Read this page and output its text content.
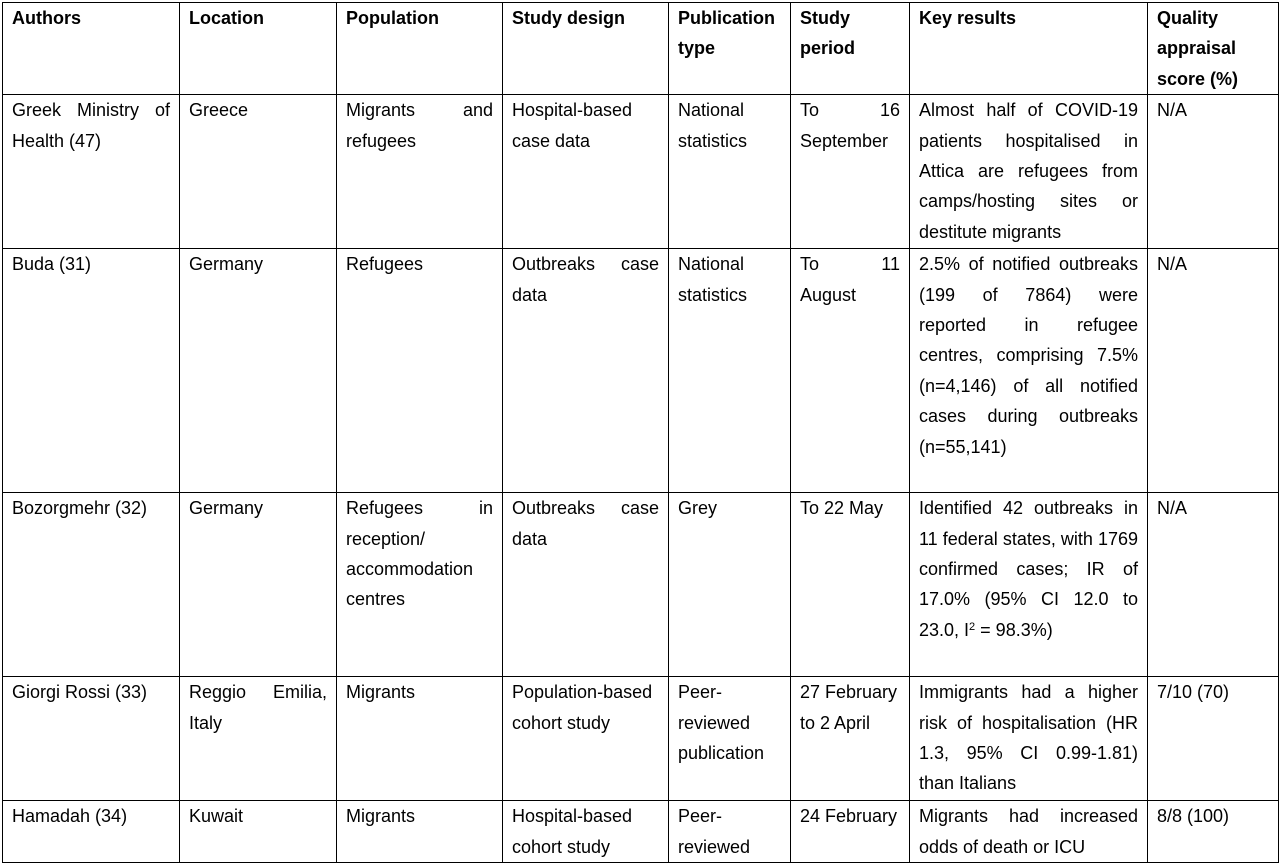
Authors	Location	Population	Study design	Publication type	Study period	Key results	Quality appraisal score (%)
Greek Ministry of Health (47)	Greece	Migrants and refugees	Hospital-based case data	National statistics	To 16 September	Almost half of COVID-19 patients hospitalised in Attica are refugees from camps/hosting sites or destitute migrants	N/A
Buda (31)	Germany	Refugees	Outbreaks case data	National statistics	To 11 August	2.5% of notified outbreaks (199 of 7864) were reported in refugee centres, comprising 7.5% (n=4,146) of all notified cases during outbreaks (n=55,141)	N/A
Bozorgmehr (32)	Germany	Refugees in reception/ accommodation centres	Outbreaks case data	Grey	To 22 May	Identified 42 outbreaks in 11 federal states, with 1769 confirmed cases; IR of 17.0% (95% CI 12.0 to 23.0, $I^2 = 98.3\%$)	N/A
Giorgi Rossi (33)	Reggio Emilia, Italy	Migrants	Population-based cohort study	Peer-reviewed publication	27 February to 2 April	Immigrants had a higher risk of hospitalisation (HR 1.3, 95% CI 0.99-1.81) than Italians	7/10 (70)
Hamadah (34)	Kuwait	Migrants	Hospital-based cohort study	Peer-reviewed	24 February	Migrants had increased odds of death or ICU	8/8 (100)
